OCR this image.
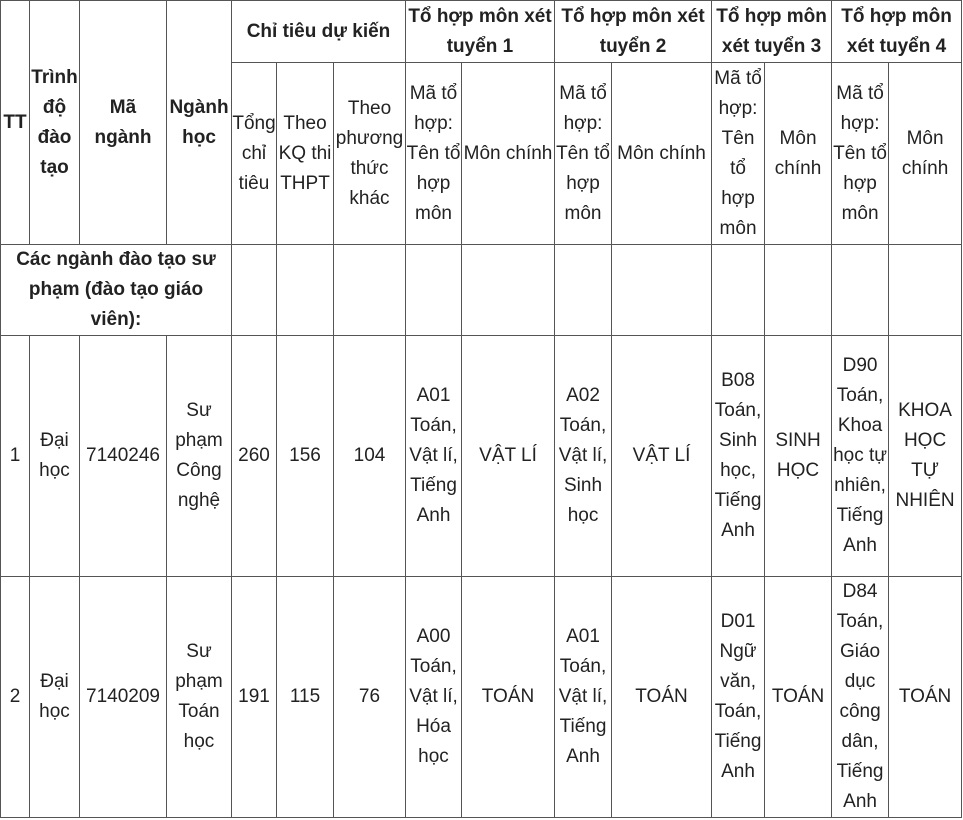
TT	Trình độ đào tạo	Mã ngành	Ngành học	Chỉ tiêu dự kiến			Tổ hợp môn xét tuyển 1		Tổ hợp môn xét tuyển 2		Tổ hợp môn xét tuyển 3		Tổ hợp môn xét tuyển 4	
				Tổng chỉ tiêu	Theo KQ thi THPT	Theo phương thức khác	Mã tổ hợp: Tên tổ hợp môn	Môn chính	Mã tổ hợp: Tên tổ hợp môn	Môn chính	Mã tổ hợp: Tên tổ hợp môn	Môn chính	Mã tổ hợp: Tên tổ hợp môn	Môn chính
Các ngành đào tạo sư phạm (đào tạo giáo viên):														
1	Đại học	7140246	Sư phạm Công nghệ	260	156	104	A01 Toán, Vật lí, Tiếng Anh	VẬT LÍ	A02 Toán, Vật lí, Sinh học	VẬT LÍ	B08 Toán, Sinh học, Tiếng Anh	SINH HỌC	D90 Toán, Khoa học tự nhiên, Tiếng Anh	KHOA HỌC TỰ NHIÊN
2	Đại học	7140209	Sư phạm Toán học	191	115	76	A00 Toán, Vật lí, Hóa học	TOÁN	A01 Toán, Vật lí, Tiếng Anh	TOÁN	D01 Ngữ văn, Toán, Tiếng Anh	TOÁN	D84 Toán, Giáo dục công dân, Tiếng Anh	TOÁN
